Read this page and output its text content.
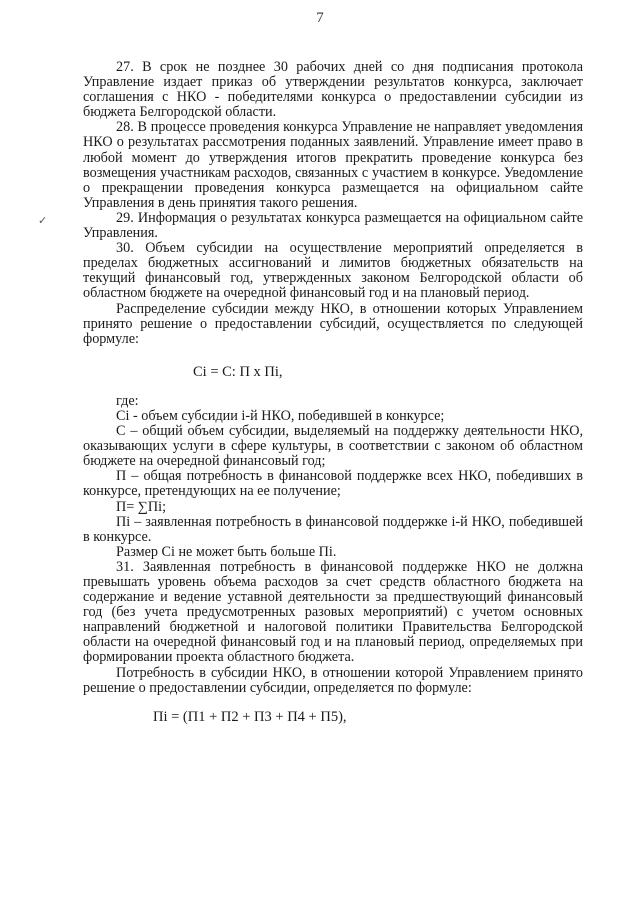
7

27. В срок не позднее 30 рабочих дней со дня подписания протокола Управление издает приказ об утверждении результатов конкурса, заключает соглашения с НКО - победителями конкурса о предоставлении субсидии из бюджета Белгородской области.

28. В процессе проведения конкурса Управление не направляет уведомления НКО о результатах рассмотрения поданных заявлений. Управление имеет право в любой момент до утверждения итогов прекратить проведение конкурса без возмещения участникам расходов, связанных с участием в конкурсе. Уведомление о прекращении проведения конкурса размещается на официальном сайте Управления в день принятия такого решения.

29. Информация о результатах конкурса размещается на официальном сайте Управления.

30. Объем субсидии на осуществление мероприятий определяется в пределах бюджетных ассигнований и лимитов бюджетных обязательств на текущий финансовый год, утвержденных законом Белгородской области об областном бюджете на очередной финансовый год и на плановый период.

Распределение субсидии между НКО, в отношении которых Управлением принято решение о предоставлении субсидий, осуществляется по следующей формуле:

Ci = C: П x Пi,

где:

Ci - объем субсидии i-й НКО, победившей в конкурсе;

С – общий объем субсидии, выделяемый на поддержку деятельности НКО, оказывающих услуги в сфере культуры, в соответствии с законом об областном бюджете на очередной финансовый год;

П – общая потребность в финансовой поддержке всех НКО, победивших в конкурсе, претендующих на ее получение;

П= ∑Пi;

Пi – заявленная потребность в финансовой поддержке i-й НКО, победившей в конкурсе.

Размер Ci не может быть больше Пi.

31. Заявленная потребность в финансовой поддержке НКО не должна превышать уровень объема расходов за счет средств областного бюджета на содержание и ведение уставной деятельности за предшествующий финансовый год (без учета предусмотренных разовых мероприятий) с учетом основных направлений бюджетной и налоговой политики Правительства Белгородской области на очередной финансовый год и на плановый период, определяемых при формировании проекта областного бюджета.

Потребность в субсидии НКО, в отношении которой Управлением принято решение о предоставлении субсидии, определяется по формуле:

Пi = (П1 + П2 + П3 + П4 + П5),

✓
